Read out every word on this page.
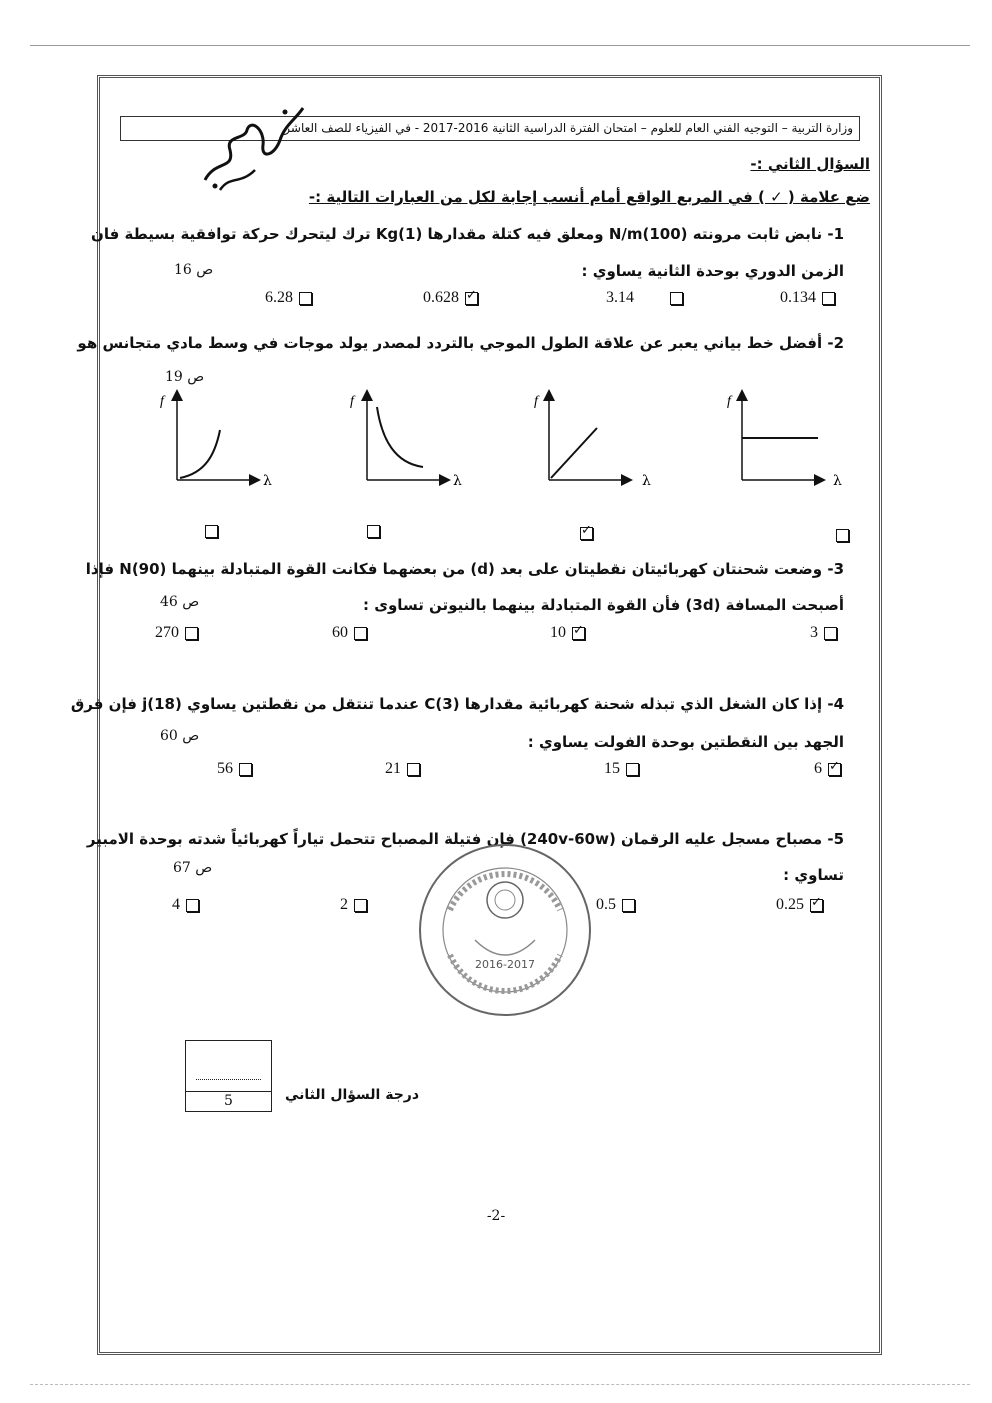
وزارة التربية – التوجيه الفني العام للعلوم – امتحان الفترة الدراسية الثانية 2016-2017 - في الفيزياء للصف العاشر
السؤال الثاني :-
ضع علامة ( ✓ ) في المربع الواقع أمام أنسب إجابة لكل من العبارات التالية :-
1- نابض ثابت مرونته N/m(100) ومعلق فيه كتلة مقدارها Kg(1) ترك ليتحرك حركة توافقية بسيطة فان
الزمن الدوري بوحدة الثانية يساوي :
ص 16
0.134
3.14
0.628
✓
6.28
2- أفضل خط بياني يعبر عن علاقة الطول الموجي بالتردد لمصدر يولد موجات في وسط مادي متجانس هو
ص 19
f
λ
f
λ
f
λ
f
λ
✓
3- وضعت شحنتان كهربائيتان نقطيتان على بعد (d) من بعضهما فكانت القوة المتبادلة بينهما N(90) فإذا
أصبحت المسافة (3d) فأن القوة المتبادلة بينهما بالنيوتن تساوى :
ص 46
3
10
✓
60
270
4- إذا كان الشغل الذي تبذله شحنة كهربائية مقدارها C(3) عندما تنتقل من نقطتين يساوي j(18) فإن فرق
الجهد بين النقطتين بوحدة الفولت يساوي :
ص 60
6
✓
15
21
56
5- مصباح مسجل عليه الرقمان (240v-60w) فإن فتيلة المصباح تتحمل تياراً كهربائياً شدته بوحدة الامبير
تساوي :
ص 67
0.25
✓
0.5
2
4
2016-2017
5	درجة السؤال الثاني
-2-
